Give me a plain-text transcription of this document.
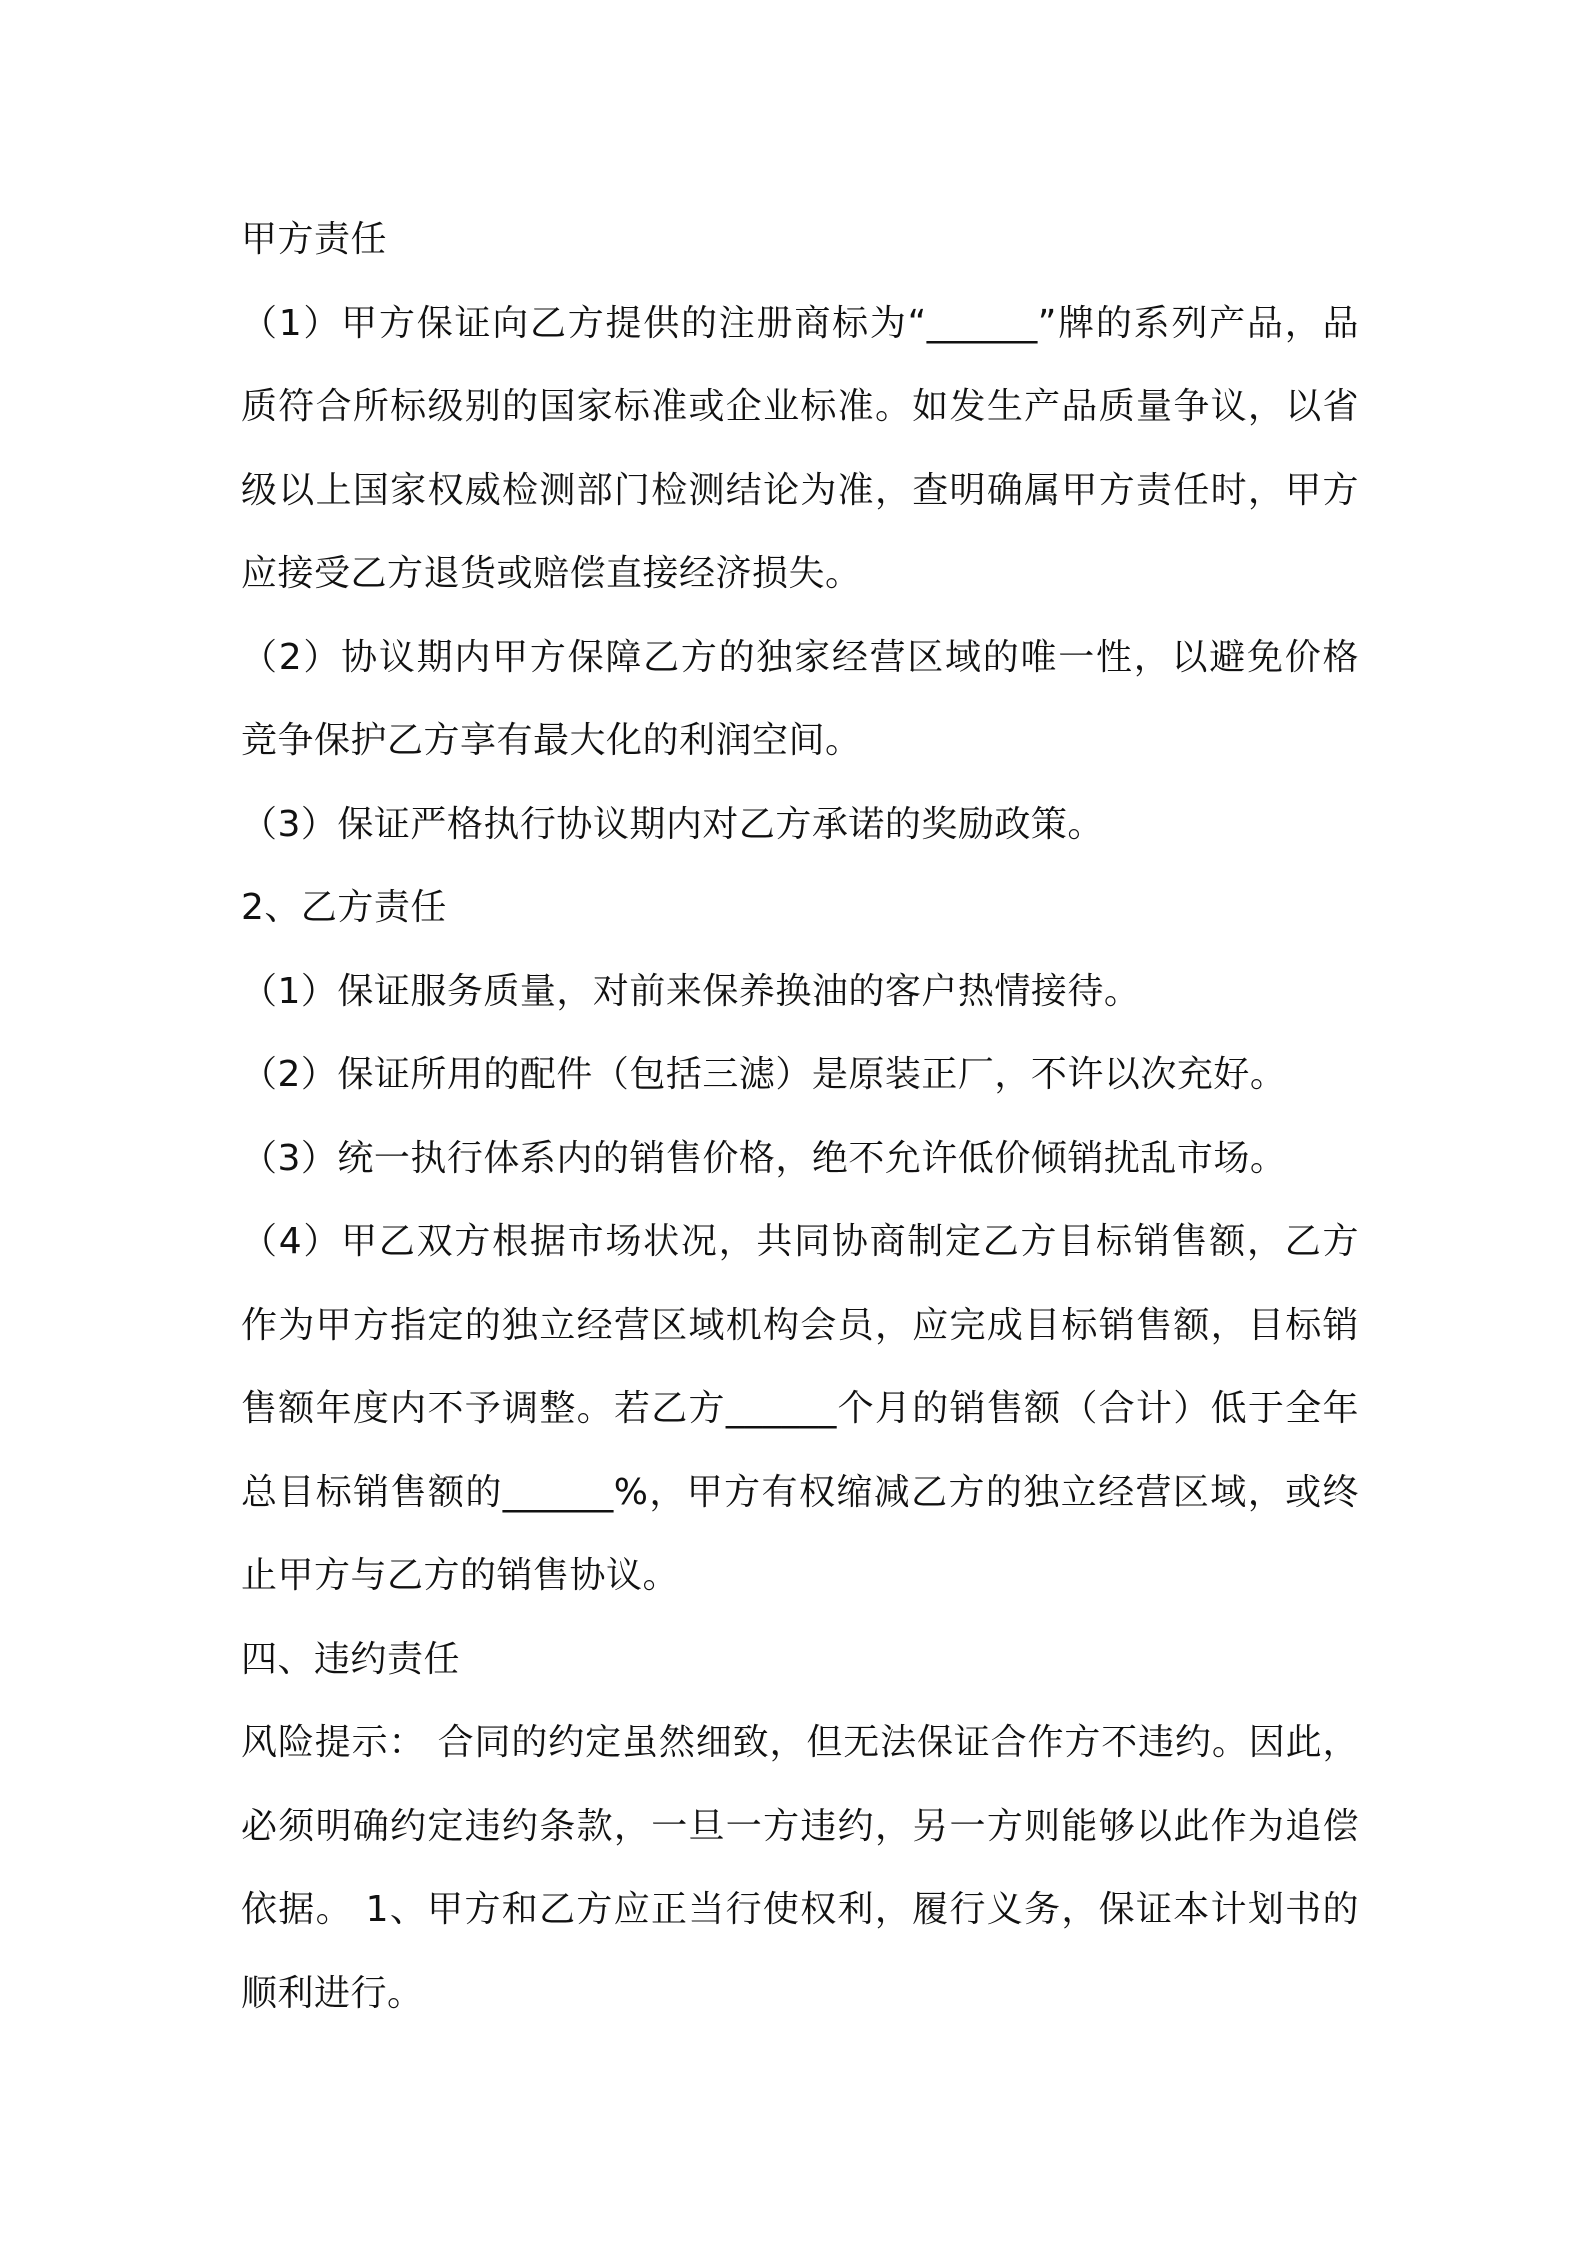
甲方责任

（1）甲方保证向乙方提供的注册商标为“______”牌的系列产品，品质符合所标级别的国家标准或企业标准。如发生产品质量争议，以省级以上国家权威检测部门检测结论为准，查明确属甲方责任时，甲方应接受乙方退货或赔偿直接经济损失。

（2）协议期内甲方保障乙方的独家经营区域的唯一性，以避免价格竞争保护乙方享有最大化的利润空间。

（3）保证严格执行协议期内对乙方承诺的奖励政策。

2、乙方责任

（1）保证服务质量，对前来保养换油的客户热情接待。

（2）保证所用的配件（包括三滤）是原装正厂，不许以次充好。

（3）统一执行体系内的销售价格，绝不允许低价倾销扰乱市场。

（4）甲乙双方根据市场状况，共同协商制定乙方目标销售额，乙方作为甲方指定的独立经营区域机构会员，应完成目标销售额，目标销售额年度内不予调整。若乙方______个月的销售额（合计）低于全年总目标销售额的______%，甲方有权缩减乙方的独立经营区域，或终止甲方与乙方的销售协议。

四、违约责任

风险提示： 合同的约定虽然细致，但无法保证合作方不违约。因此，必须明确约定违约条款，一旦一方违约，另一方则能够以此作为追偿依据。 1、甲方和乙方应正当行使权利，履行义务，保证本计划书的顺利进行。
